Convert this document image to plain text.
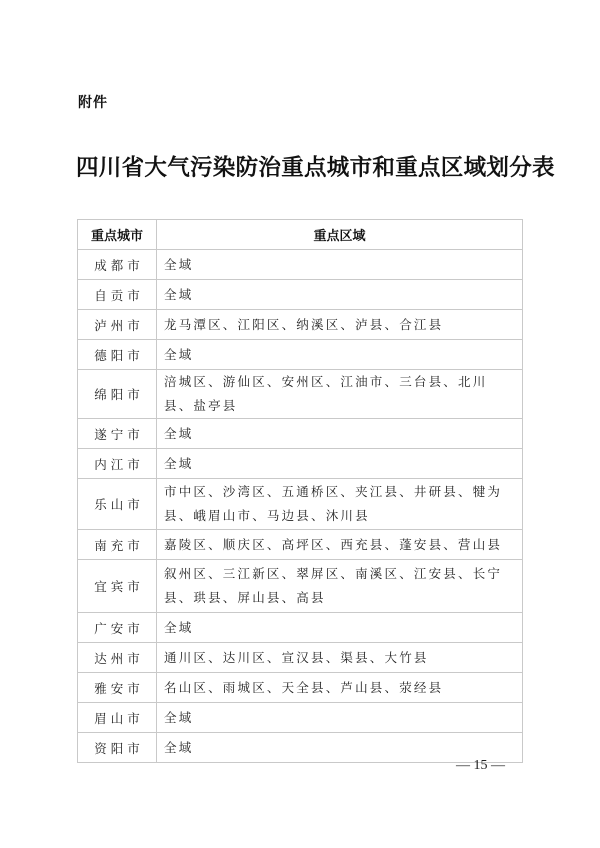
附件
四川省大气污染防治重点城市和重点区域划分表
重点城市	重点区域
成都市	全域
自贡市	全域
泸州市	龙马潭区、江阳区、纳溪区、泸县、合江县
德阳市	全域
绵阳市	涪城区、游仙区、安州区、江油市、三台县、北川县、盐亭县
遂宁市	全域
内江市	全域
乐山市	市中区、沙湾区、五通桥区、夹江县、井研县、犍为县、峨眉山市、马边县、沐川县
南充市	嘉陵区、顺庆区、高坪区、西充县、蓬安县、营山县
宜宾市	叙州区、三江新区、翠屏区、南溪区、江安县、长宁县、珙县、屏山县、高县
广安市	全域
达州市	通川区、达川区、宣汉县、渠县、大竹县
雅安市	名山区、雨城区、天全县、芦山县、荥经县
眉山市	全域
资阳市	全域
— 15 —
